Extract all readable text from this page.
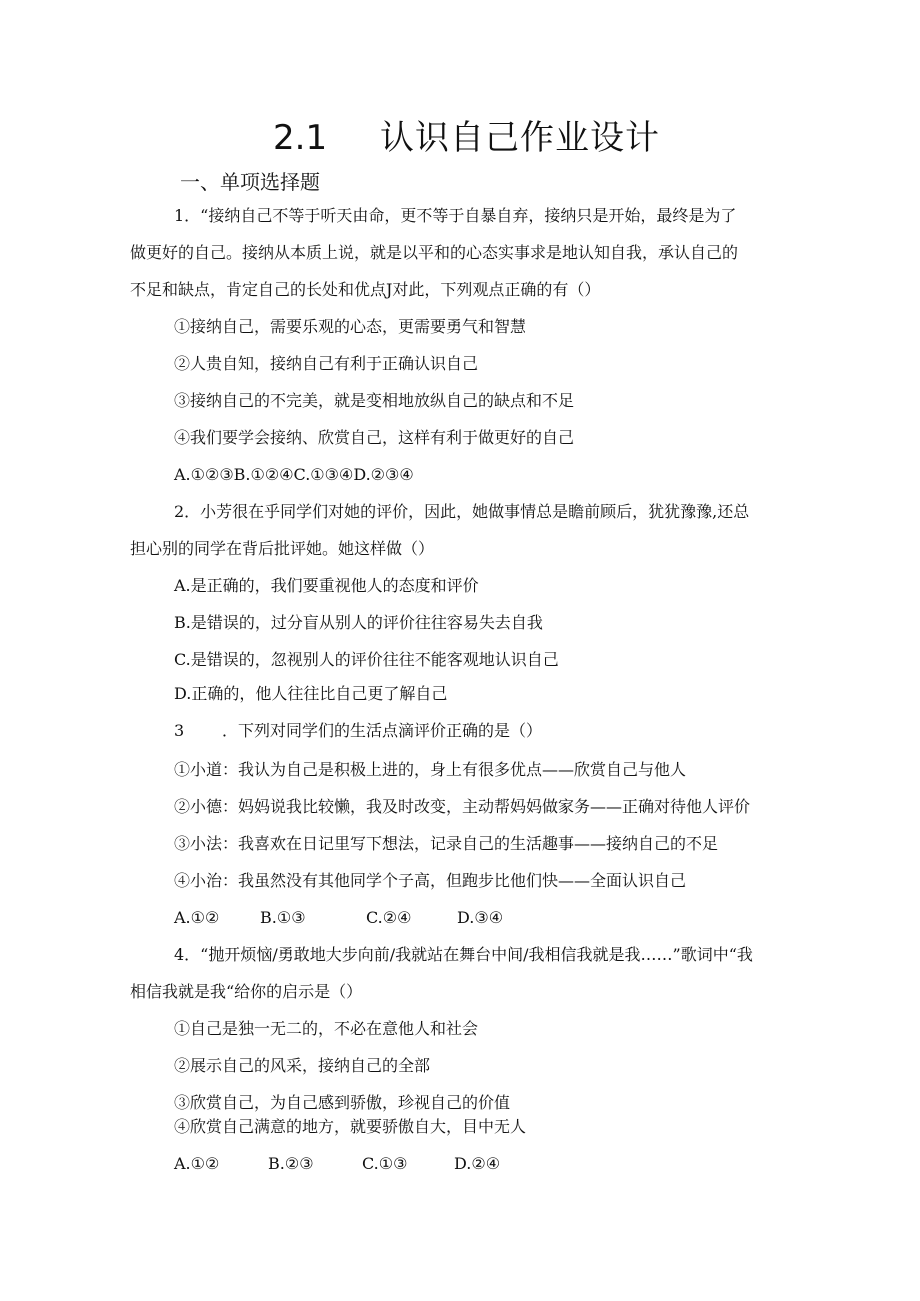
2.1 认识自己作业设计
一、单项选择题
1．“接纳自己不等于听天由命，更不等于自暴自弃，接纳只是开始，最终是为了
做更好的自己。接纳从本质上说，就是以平和的心态实事求是地认知自我，承认自己的
不足和缺点，肯定自己的长处和优点J对此，下列观点正确的有（）
①接纳自己，需要乐观的心态，更需要勇气和智慧
②人贵自知，接纳自己有利于正确认识自己
③接纳自己的不完美，就是变相地放纵自己的缺点和不足
④我们要学会接纳、欣赏自己，这样有利于做更好的自己
A.①②③B.①②④C.①③④D.②③④
2．小芳很在乎同学们对她的评价，因此，她做事情总是瞻前顾后，犹犹豫豫,还总
担心别的同学在背后批评她。她这样做（）
A.是正确的，我们要重视他人的态度和评价
B.是错误的，过分盲从别人的评价往往容易失去自我
C.是错误的，忽视别人的评价往往不能客观地认识自己
D.正确的，他人往往比自己更了解自己
3 ．下列对同学们的生活点滴评价正确的是（）
①小道：我认为自己是积极上进的，身上有很多优点——欣赏自己与他人
②小德：妈妈说我比较懒，我及时改变，主动帮妈妈做家务——正确对待他人评价
③小法：我喜欢在日记里写下想法，记录自己的生活趣事——接纳自己的不足
④小治：我虽然没有其他同学个子高，但跑步比他们快——全面认识自己
A.①②	B.①③	C.②④	D.③④
4．“抛开烦恼/勇敢地大步向前/我就站在舞台中间/我相信我就是我……”歌词中“我
相信我就是我“给你的启示是（）
①自己是独一无二的，不必在意他人和社会
②展示自己的风采，接纳自己的全部
③欣赏自己，为自己感到骄傲，珍视自己的价值
④欣赏自己满意的地方，就要骄傲自大，目中无人
A.①②	B.②③	C.①③	D.②④
